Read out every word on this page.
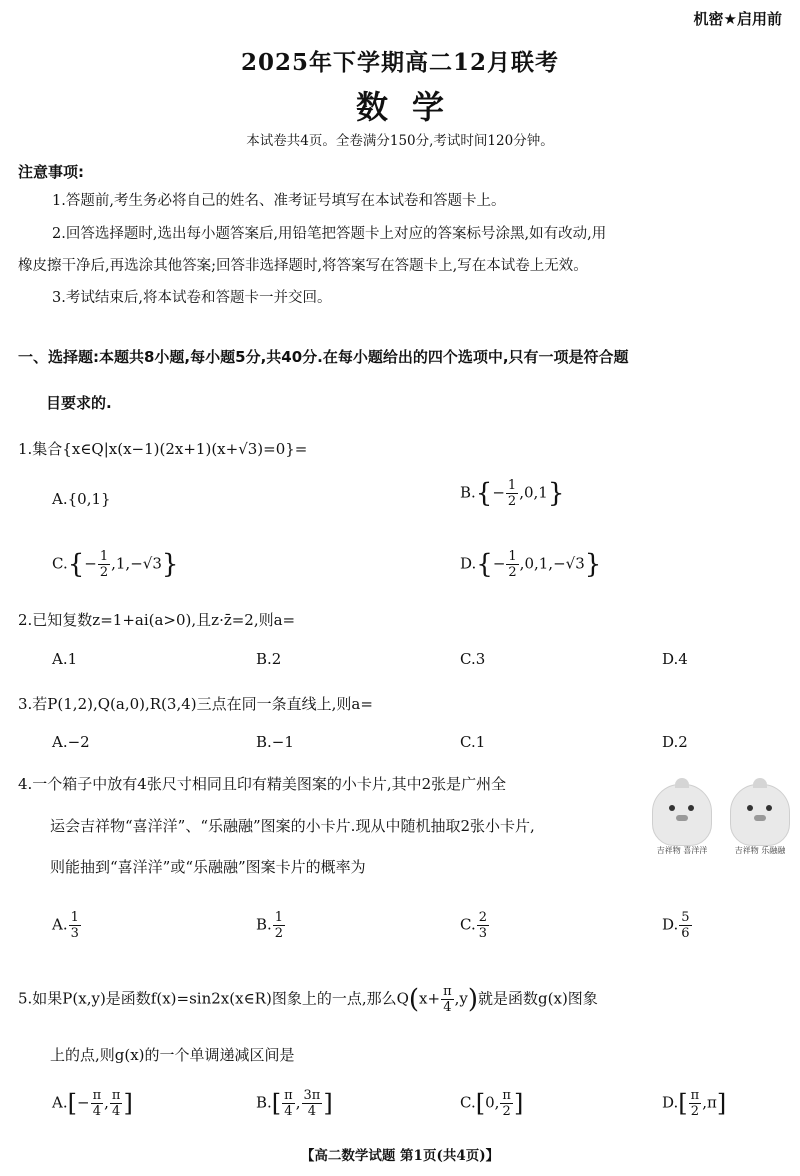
机密★启用前
2025年下学期高二12月联考
数学
本试卷共4页。全卷满分150分,考试时间120分钟。
注意事项:
1.答题前,考生务必将自己的姓名、准考证号填写在本试卷和答题卡上。
2.回答选择题时,选出每小题答案后,用铅笔把答题卡上对应的答案标号涂黑,如有改动,用
橡皮擦干净后,再选涂其他答案;回答非选择题时,将答案写在答题卡上,写在本试卷上无效。
3.考试结束后,将本试卷和答题卡一并交回。
一、选择题:本题共8小题,每小题5分,共40分.在每小题给出的四个选项中,只有一项是符合题
目要求的.
1.集合{x∈Q|x(x−1)(2x+1)(x+√3)=0}=
A.{0,1}	$B.\{- \frac{1}{2} ,0,1\}$
$C.\{- \frac{1}{2} ,1,-√3\}$	$D.\{- \frac{1}{2} ,0,1,-√3\}$
2.已知复数z=1+ai(a>0),且z·z̄=2,则a=
A.1	B.2	C.3	D.4
3.若P(1,2),Q(a,0),R(3,4)三点在同一条直线上,则a=
A.−2	B.−1	C.1	D.2
4.一个箱子中放有4张尺寸相同且印有精美图案的小卡片,其中2张是广州全
运会吉祥物“喜洋洋”、“乐融融”图案的小卡片.现从中随机抽取2张小卡片,
则能抽到“喜洋洋”或“乐融融”图案卡片的概率为
吉祥物 喜洋洋	吉祥物 乐融融
A. $\frac{1}{3}$	B. $\frac{1}{2}$	C. $\frac{2}{3}$	D. $\frac{5}{6}$
5.如果P(x,y)是函数f(x)=sin2x(x∈R)图象上的一点,那么$Q(x+ \frac{\pi}{4} ,y)$就是函数g(x)图象
上的点,则g(x)的一个单调递减区间是
$A.[- \frac{\pi}{4}$ , $\frac{\pi}{4}$ ]	$B.[ \frac{\pi}{4}$ , $\frac{3\pi}{4}$ ]	C.[0, $\frac{\pi}{2}$ ]	$D.[ \frac{\pi}{2} ,\pi]$
【高二数学试题 第1页(共4页)】
